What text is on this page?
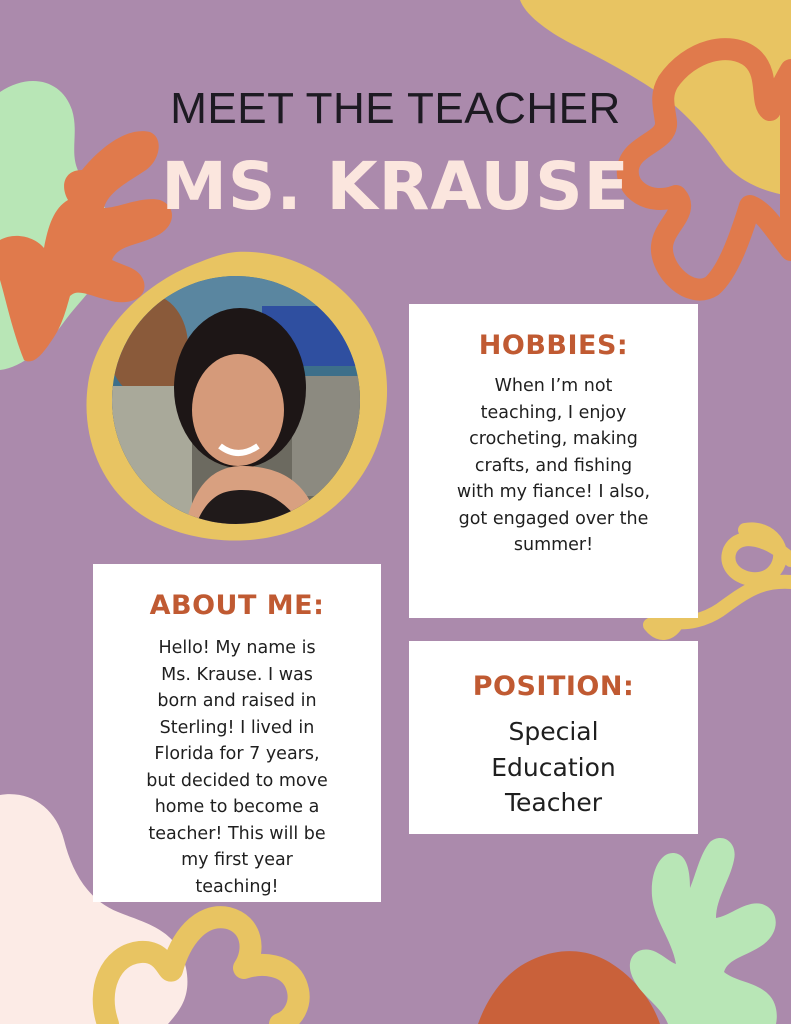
MEET THE TEACHER
MS. KRAUSE
HOBBIES:

When I’m not
teaching, I enjoy
crocheting, making
crafts, and fishing
with my fiance! I also,
got engaged over the
summer!

ABOUT ME:

Hello! My name is
Ms. Krause. I was
born and raised in
Sterling! I lived in
Florida for 7 years,
but decided to move
home to become a
teacher! This will be
my first year
teaching!

POSITION:

Special
Education
Teacher
